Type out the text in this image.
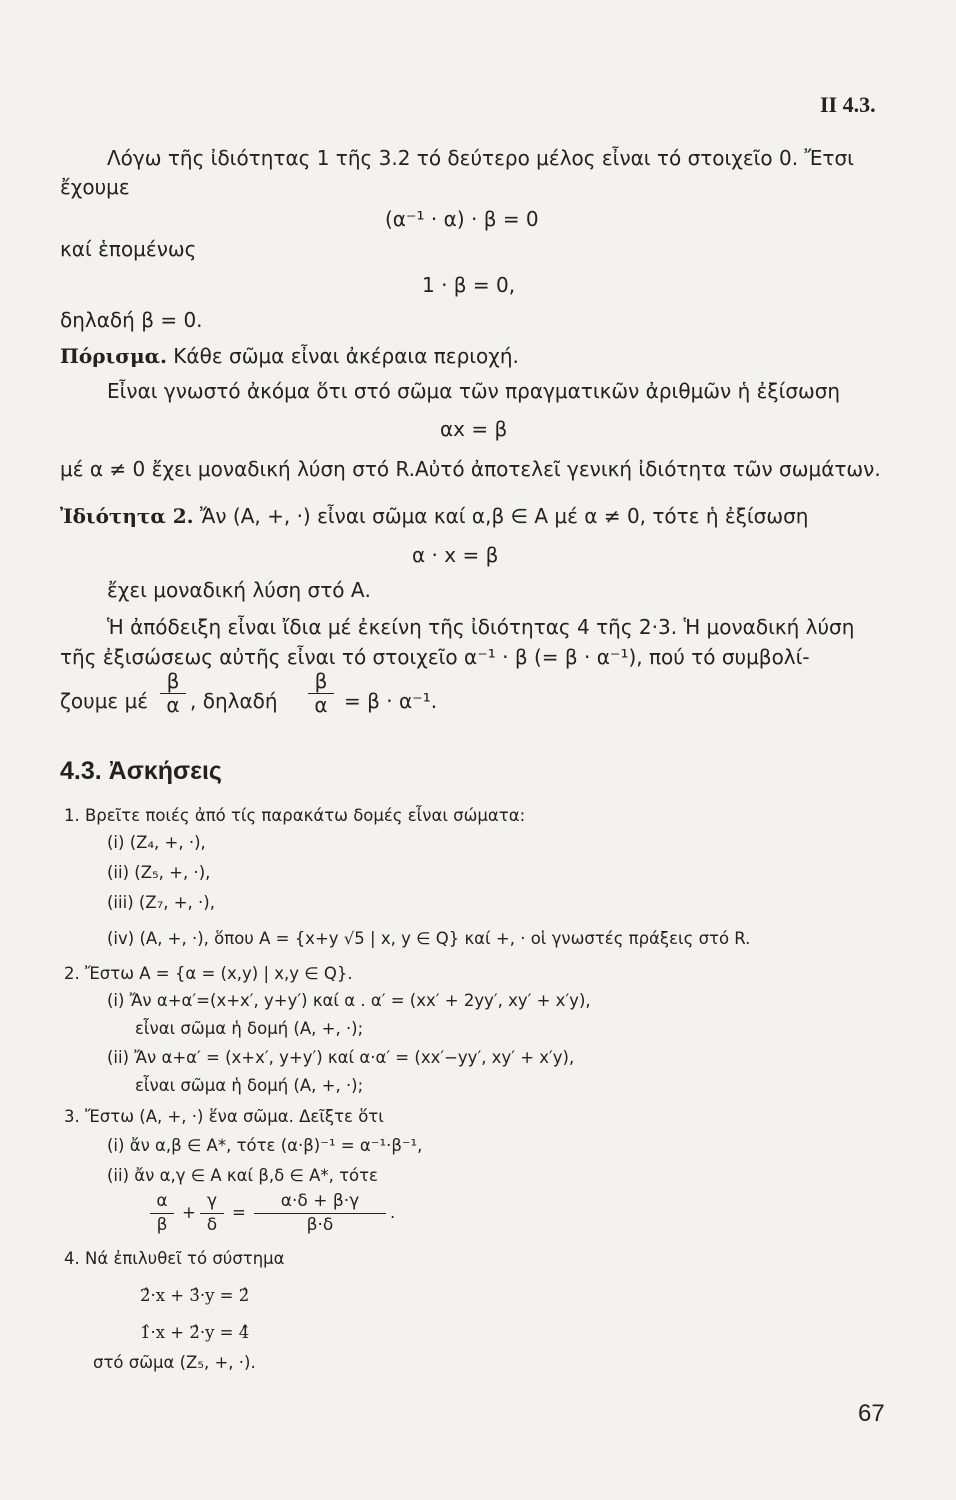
II 4.3.
Λόγω τῆς ἰδιότητας 1 τῆς 3.2 τό δεύτερο μέλος εἶναι τό στοιχεῖο 0. Ἔτσι
ἔχουμε
(α⁻¹ · α) · β = 0
καί ἑπομένως
1 · β = 0,
δηλαδή β = 0.
Πόρισμα. Κάθε σῶμα εἶναι ἀκέραια περιοχή.
Εἶναι γνωστό ἀκόμα ὅτι στό σῶμα τῶν πραγματικῶν ἀριθμῶν ἡ ἐξίσωση
αx = β
μέ α ≠ 0 ἔχει μοναδική λύση στό R.Αὐτό ἀποτελεῖ γενική ἰδιότητα τῶν σωμάτων.
Ἰδιότητα 2. Ἄν (Α, +, ·) εἶναι σῶμα καί α,β ∈ Α μέ α ≠ 0, τότε ἡ ἐξίσωση
α · x = β
ἔχει μοναδική λύση στό Α.
Ἡ ἀπόδειξη εἶναι ἴδια μέ ἐκείνη τῆς ἰδιότητας 4 τῆς 2·3. Ἡ μοναδική λύση
τῆς ἐξισώσεως αὐτῆς εἶναι τό στοιχεῖο α⁻¹ · β (= β · α⁻¹), πού τό συμβολί-
ζουμε μέ $\frac{\beta}{\alpha}$ , δηλαδή $\frac{\beta}{\alpha} = \beta \cdot \alpha^{-1}$.
4.3. Ἀσκήσεις
1. Βρεῖτε ποιές ἀπό τίς παρακάτω δομές εἶναι σώματα:
(i) (Z₄, +, ·),
(ii) (Z₅, +, ·),
(iii) (Z₇, +, ·),
(iv) (Α, +, ·), ὅπου Α = {x+y √5 | x, y ∈ Q} καί +, · οἱ γνωστές πράξεις στό R.
2. Ἔστω Α = {α = (x,y) | x,y ∈ Q}.
(i) Ἄν α+α′=(x+x′, y+y′) καί α . α′ = (xx′ + 2yy′, xy′ + x′y),
εἶναι σῶμα ἡ δομή (Α, +, ·);
(ii) Ἄν α+α′ = (x+x′, y+y′) καί α·α′ = (xx′−yy′, xy′ + x′y),
εἶναι σῶμα ἡ δομή (Α, +, ·);
3. Ἔστω (Α, +, ·) ἕνα σῶμα. Δεῖξτε ὅτι
(i) ἄν α,β ∈ Α*, τότε (α·β)⁻¹ = α⁻¹·β⁻¹,
(ii) ἄν α,γ ∈ Α καί β,δ ∈ Α*, τότε
$\frac{\alpha}{\beta} + \frac{\gamma}{\delta} = \frac{\alpha\cdot\delta + \beta\cdot\gamma}{\beta\cdot\delta}$ .
4. Νά ἐπιλυθεῖ τό σύστημα
2̂·x + 3̂·y = 2̂
1̂·x + 2̂·y = 4̂
στό σῶμα (Z₅, +, ·).
67
